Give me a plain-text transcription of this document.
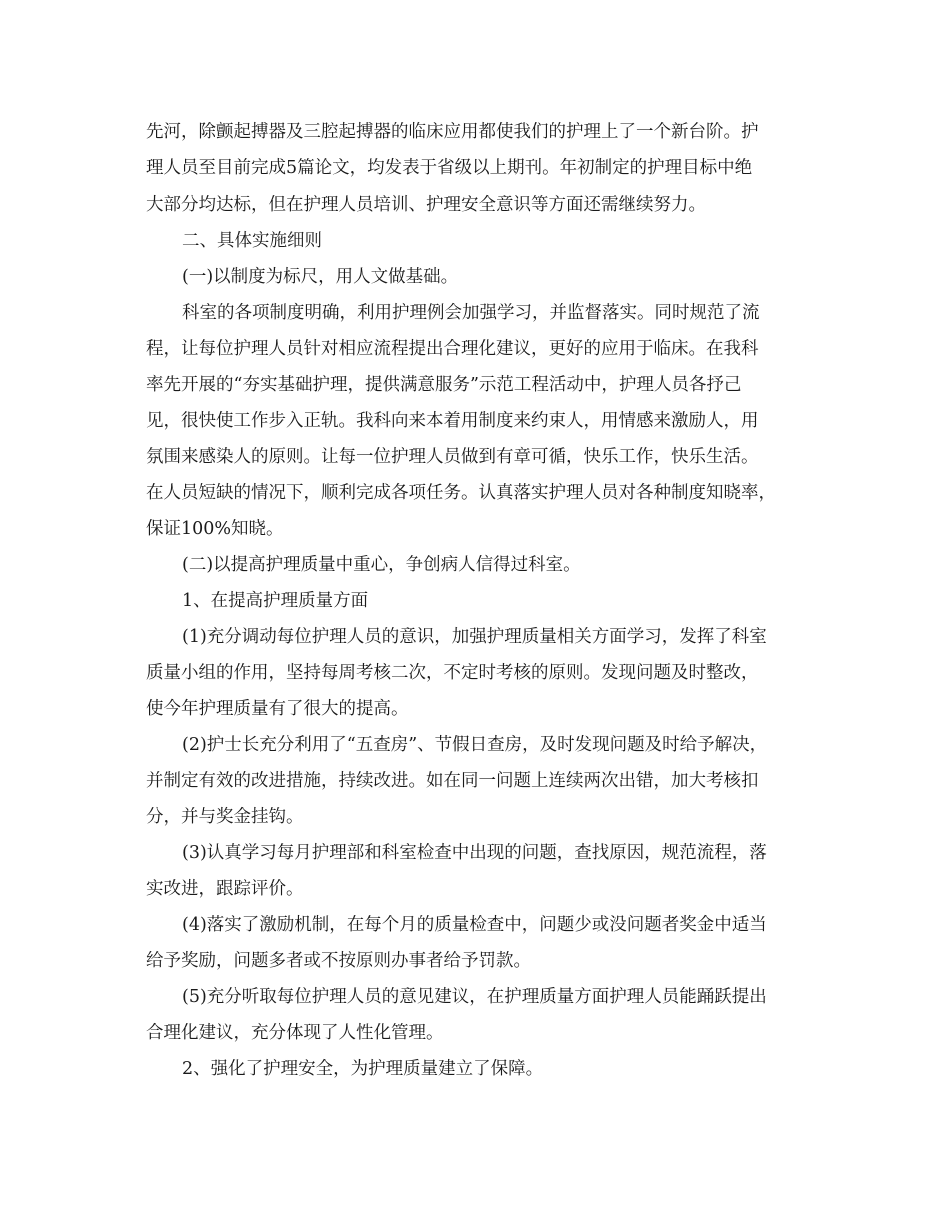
先河，除颤起搏器及三腔起搏器的临床应用都使我们的护理上了一个新台阶。护

理人员至目前完成5篇论文，均发表于省级以上期刊。年初制定的护理目标中绝

大部分均达标，但在护理人员培训、护理安全意识等方面还需继续努力。

二、具体实施细则

(一)以制度为标尺，用人文做基础。

科室的各项制度明确，利用护理例会加强学习，并监督落实。同时规范了流

程，让每位护理人员针对相应流程提出合理化建议，更好的应用于临床。在我科

率先开展的“夯实基础护理，提供满意服务”示范工程活动中，护理人员各抒己

见，很快使工作步入正轨。我科向来本着用制度来约束人，用情感来激励人，用

氛围来感染人的原则。让每一位护理人员做到有章可循，快乐工作，快乐生活。

在人员短缺的情况下，顺利完成各项任务。认真落实护理人员对各种制度知晓率，

保证100%知晓。

(二)以提高护理质量中重心，争创病人信得过科室。

1、在提高护理质量方面

(1)充分调动每位护理人员的意识，加强护理质量相关方面学习，发挥了科室

质量小组的作用，坚持每周考核二次，不定时考核的原则。发现问题及时整改，

使今年护理质量有了很大的提高。

(2)护士长充分利用了“五查房”、节假日查房，及时发现问题及时给予解决，

并制定有效的改进措施，持续改进。如在同一问题上连续两次出错，加大考核扣

分，并与奖金挂钩。

(3)认真学习每月护理部和科室检查中出现的问题，查找原因，规范流程，落

实改进，跟踪评价。

(4)落实了激励机制，在每个月的质量检查中，问题少或没问题者奖金中适当

给予奖励，问题多者或不按原则办事者给予罚款。

(5)充分听取每位护理人员的意见建议，在护理质量方面护理人员能踊跃提出

合理化建议，充分体现了人性化管理。

2、强化了护理安全，为护理质量建立了保障。
